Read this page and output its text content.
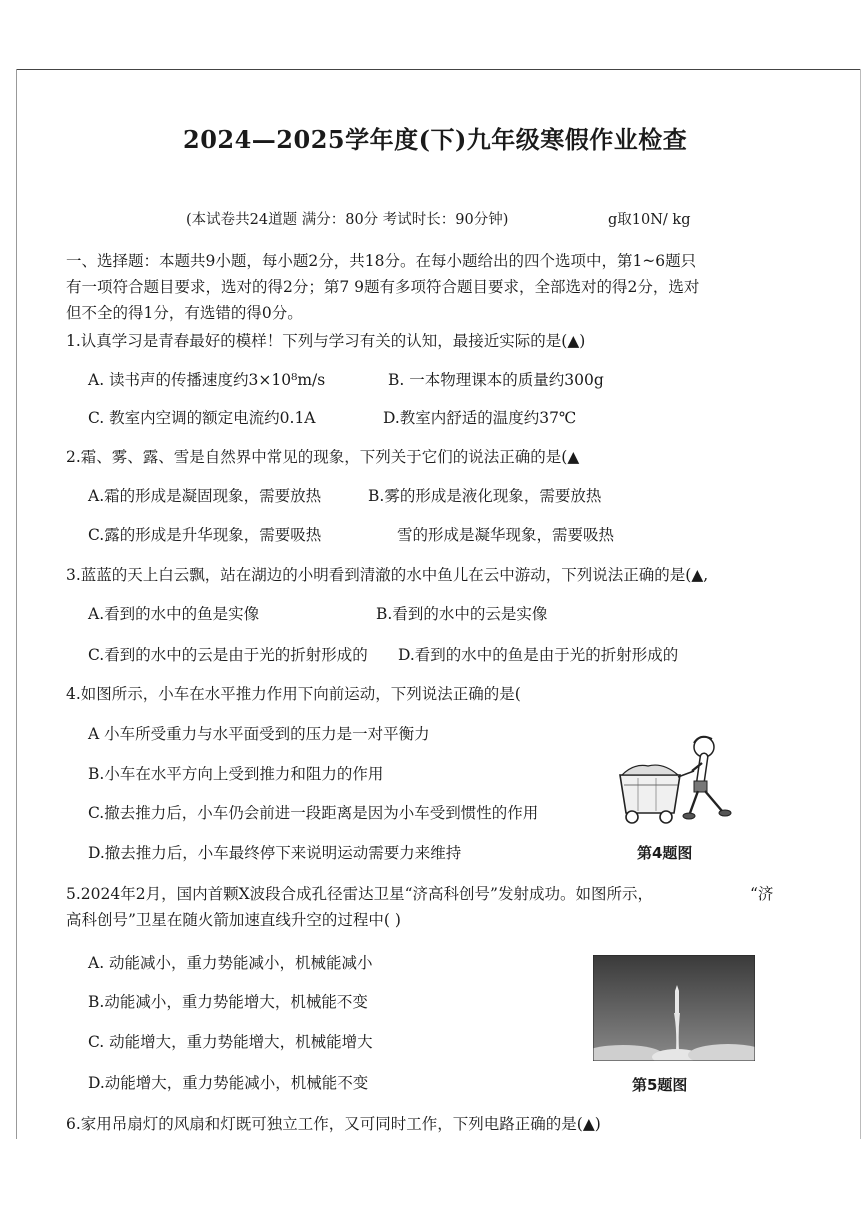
2024—2025学年度(下)九年级寒假作业检查
(本试卷共24道题 满分：80分 考试时长：90分钟)	g取10N/ kg
一、选择题：本题共9小题，每小题2分，共18分。在每小题给出的四个选项中，第1~6题只
有一项符合题目要求，选对的得2分；第7 9题有多项符合题目要求，全部选对的得2分，选对
但不全的得1分，有选错的得0分。
1.认真学习是青春最好的模样！下列与学习有关的认知，最接近实际的是(▲)
A. 读书声的传播速度约3×10⁸m/s	B. 一本物理课本的质量约300g
C. 教室内空调的额定电流约0.1A	D.教室内舒适的温度约37℃
2.霜、雾、露、雪是自然界中常见的现象，下列关于它们的说法正确的是(▲
A.霜的形成是凝固现象，需要放热	B.雾的形成是液化现象，需要放热
C.露的形成是升华现象，需要吸热	雪的形成是凝华现象，需要吸热
3.蓝蓝的天上白云飘，站在湖边的小明看到清澈的水中鱼儿在云中游动，下列说法正确的是(▲,
A.看到的水中的鱼是实像	B.看到的水中的云是实像
C.看到的水中的云是由于光的折射形成的 D.看到的水中的鱼是由于光的折射形成的
4.如图所示，小车在水平推力作用下向前运动，下列说法正确的是(
A 小车所受重力与水平面受到的压力是一对平衡力
B.小车在水平方向上受到推力和阻力的作用
C.撤去推力后，小车仍会前进一段距离是因为小车受到惯性的作用
D.撤去推力后，小车最终停下来说明运动需要力来维持	第4题图
5.2024年2月，国内首颗X波段合成孔径雷达卫星“济高科创号”发射成功。如图所示，	“济
高科创号”卫星在随火箭加速直线升空的过程中( )
A. 动能减小，重力势能减小，机械能减小
B.动能减小，重力势能增大，机械能不变
C. 动能增大，重力势能增大，机械能增大
D.动能增大，重力势能减小，机械能不变	第5题图
6.家用吊扇灯的风扇和灯既可独立工作，又可同时工作，下列电路正确的是(▲)
